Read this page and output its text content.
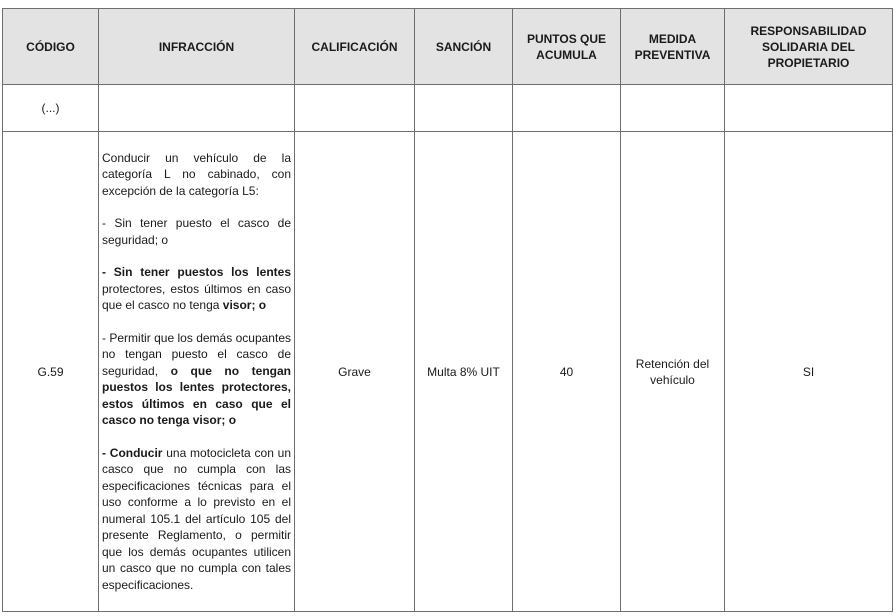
CÓDIGO	INFRACCIÓN	CALIFICACIÓN	SANCIÓN	PUNTOS QUE ACUMULA	MEDIDA PREVENTIVA	RESPONSABILIDAD SOLIDARIA DEL PROPIETARIO
(...)						
G.59	Conducir un vehículo de la categoría L no cabinado, con excepción de la categoría L5:

- Sin tener puesto el casco de seguridad; o

- Sin tener puestos los lentes protectores, estos últimos en caso que el casco no tenga visor; o

- Permitir que los demás ocupantes no tengan puesto el casco de seguridad, o que no tengan puestos los lentes protectores, estos últimos en caso que el casco no tenga visor; o

- Conducir una motocicleta con un casco que no cumpla con las especificaciones técnicas para el uso conforme a lo previsto en el numeral 105.1 del artículo 105 del presente Reglamento, o permitir que los demás ocupantes utilicen un casco que no cumpla con tales especificaciones.	Grave	Multa 8% UIT	40	Retención del vehículo	SI
